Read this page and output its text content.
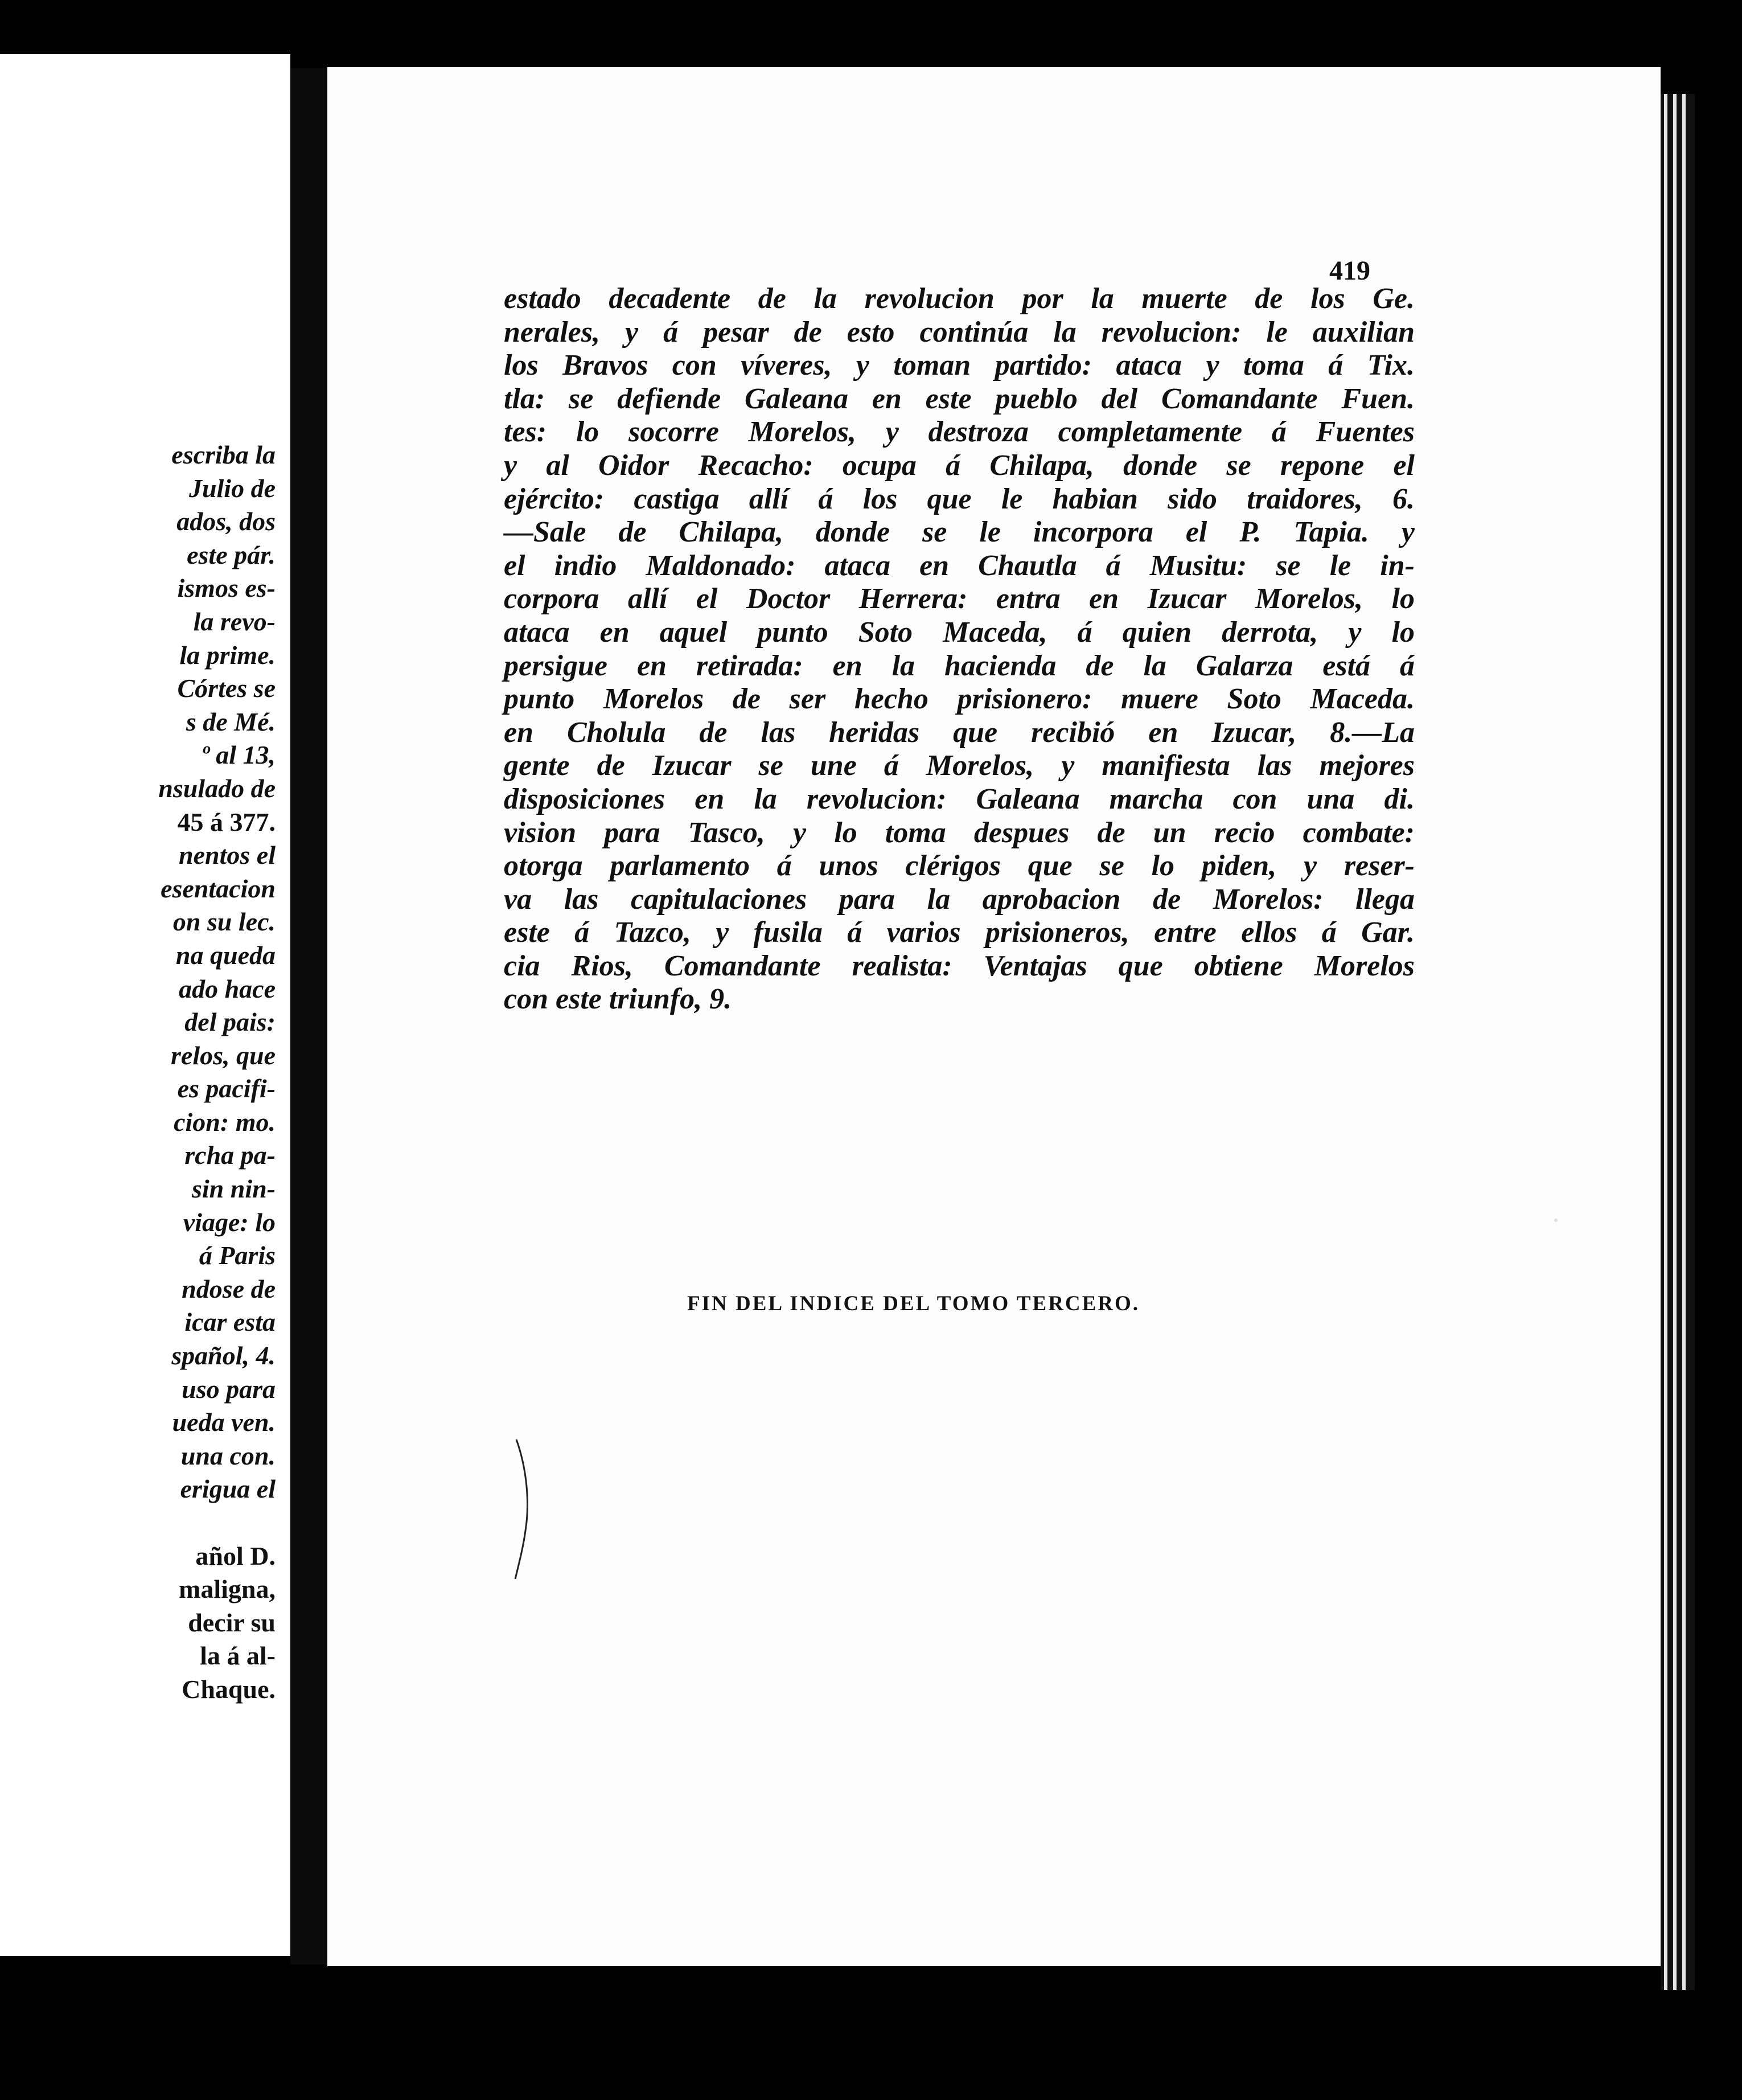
escriba la
Julio de
ados, dos
este pár.
ismos es-
la revo-
la prime.
Córtes se
s de Mé.
º al 13,
nsulado de
45 á 377.
nentos el
esentacion
on su lec.
na queda
ado hace
del pais:
relos, que
es pacifi-
cion: mo.
rcha pa-
sin nin-
viage: lo
á Paris
ndose de
icar esta
spañol, 4.
uso para
ueda ven.
una con.
erigua el
añol D.
maligna,
decir su
la á al-
Chaque.
419
estado decadente de la revolucion por la muerte de los Ge.
nerales, y á pesar de esto continúa la revolucion: le auxilian
los Bravos con víveres, y toman partido: ataca y toma á Tix.
tla: se defiende Galeana en este pueblo del Comandante Fuen.
tes: lo socorre Morelos, y destroza completamente á Fuentes
y al Oidor Recacho: ocupa á Chilapa, donde se repone el
ejército: castiga allí á los que le habian sido traidores, 6.
—Sale de Chilapa, donde se le incorpora el P. Tapia. y
el indio Maldonado: ataca en Chautla á Musitu: se le in-
corpora allí el Doctor Herrera: entra en Izucar Morelos, lo
ataca en aquel punto Soto Maceda, á quien derrota, y lo
persigue en retirada: en la hacienda de la Galarza está á
punto Morelos de ser hecho prisionero: muere Soto Maceda.
en Cholula de las heridas que recibió en Izucar, 8.—La
gente de Izucar se une á Morelos, y manifiesta las mejores
disposiciones en la revolucion: Galeana marcha con una di.
vision para Tasco, y lo toma despues de un recio combate:
otorga parlamento á unos clérigos que se lo piden, y reser-
va las capitulaciones para la aprobacion de Morelos: llega
este á Tazco, y fusila á varios prisioneros, entre ellos á Gar.
cia Rios, Comandante realista: Ventajas que obtiene Morelos
con este triunfo, 9.
FIN DEL INDICE DEL TOMO TERCERO.
